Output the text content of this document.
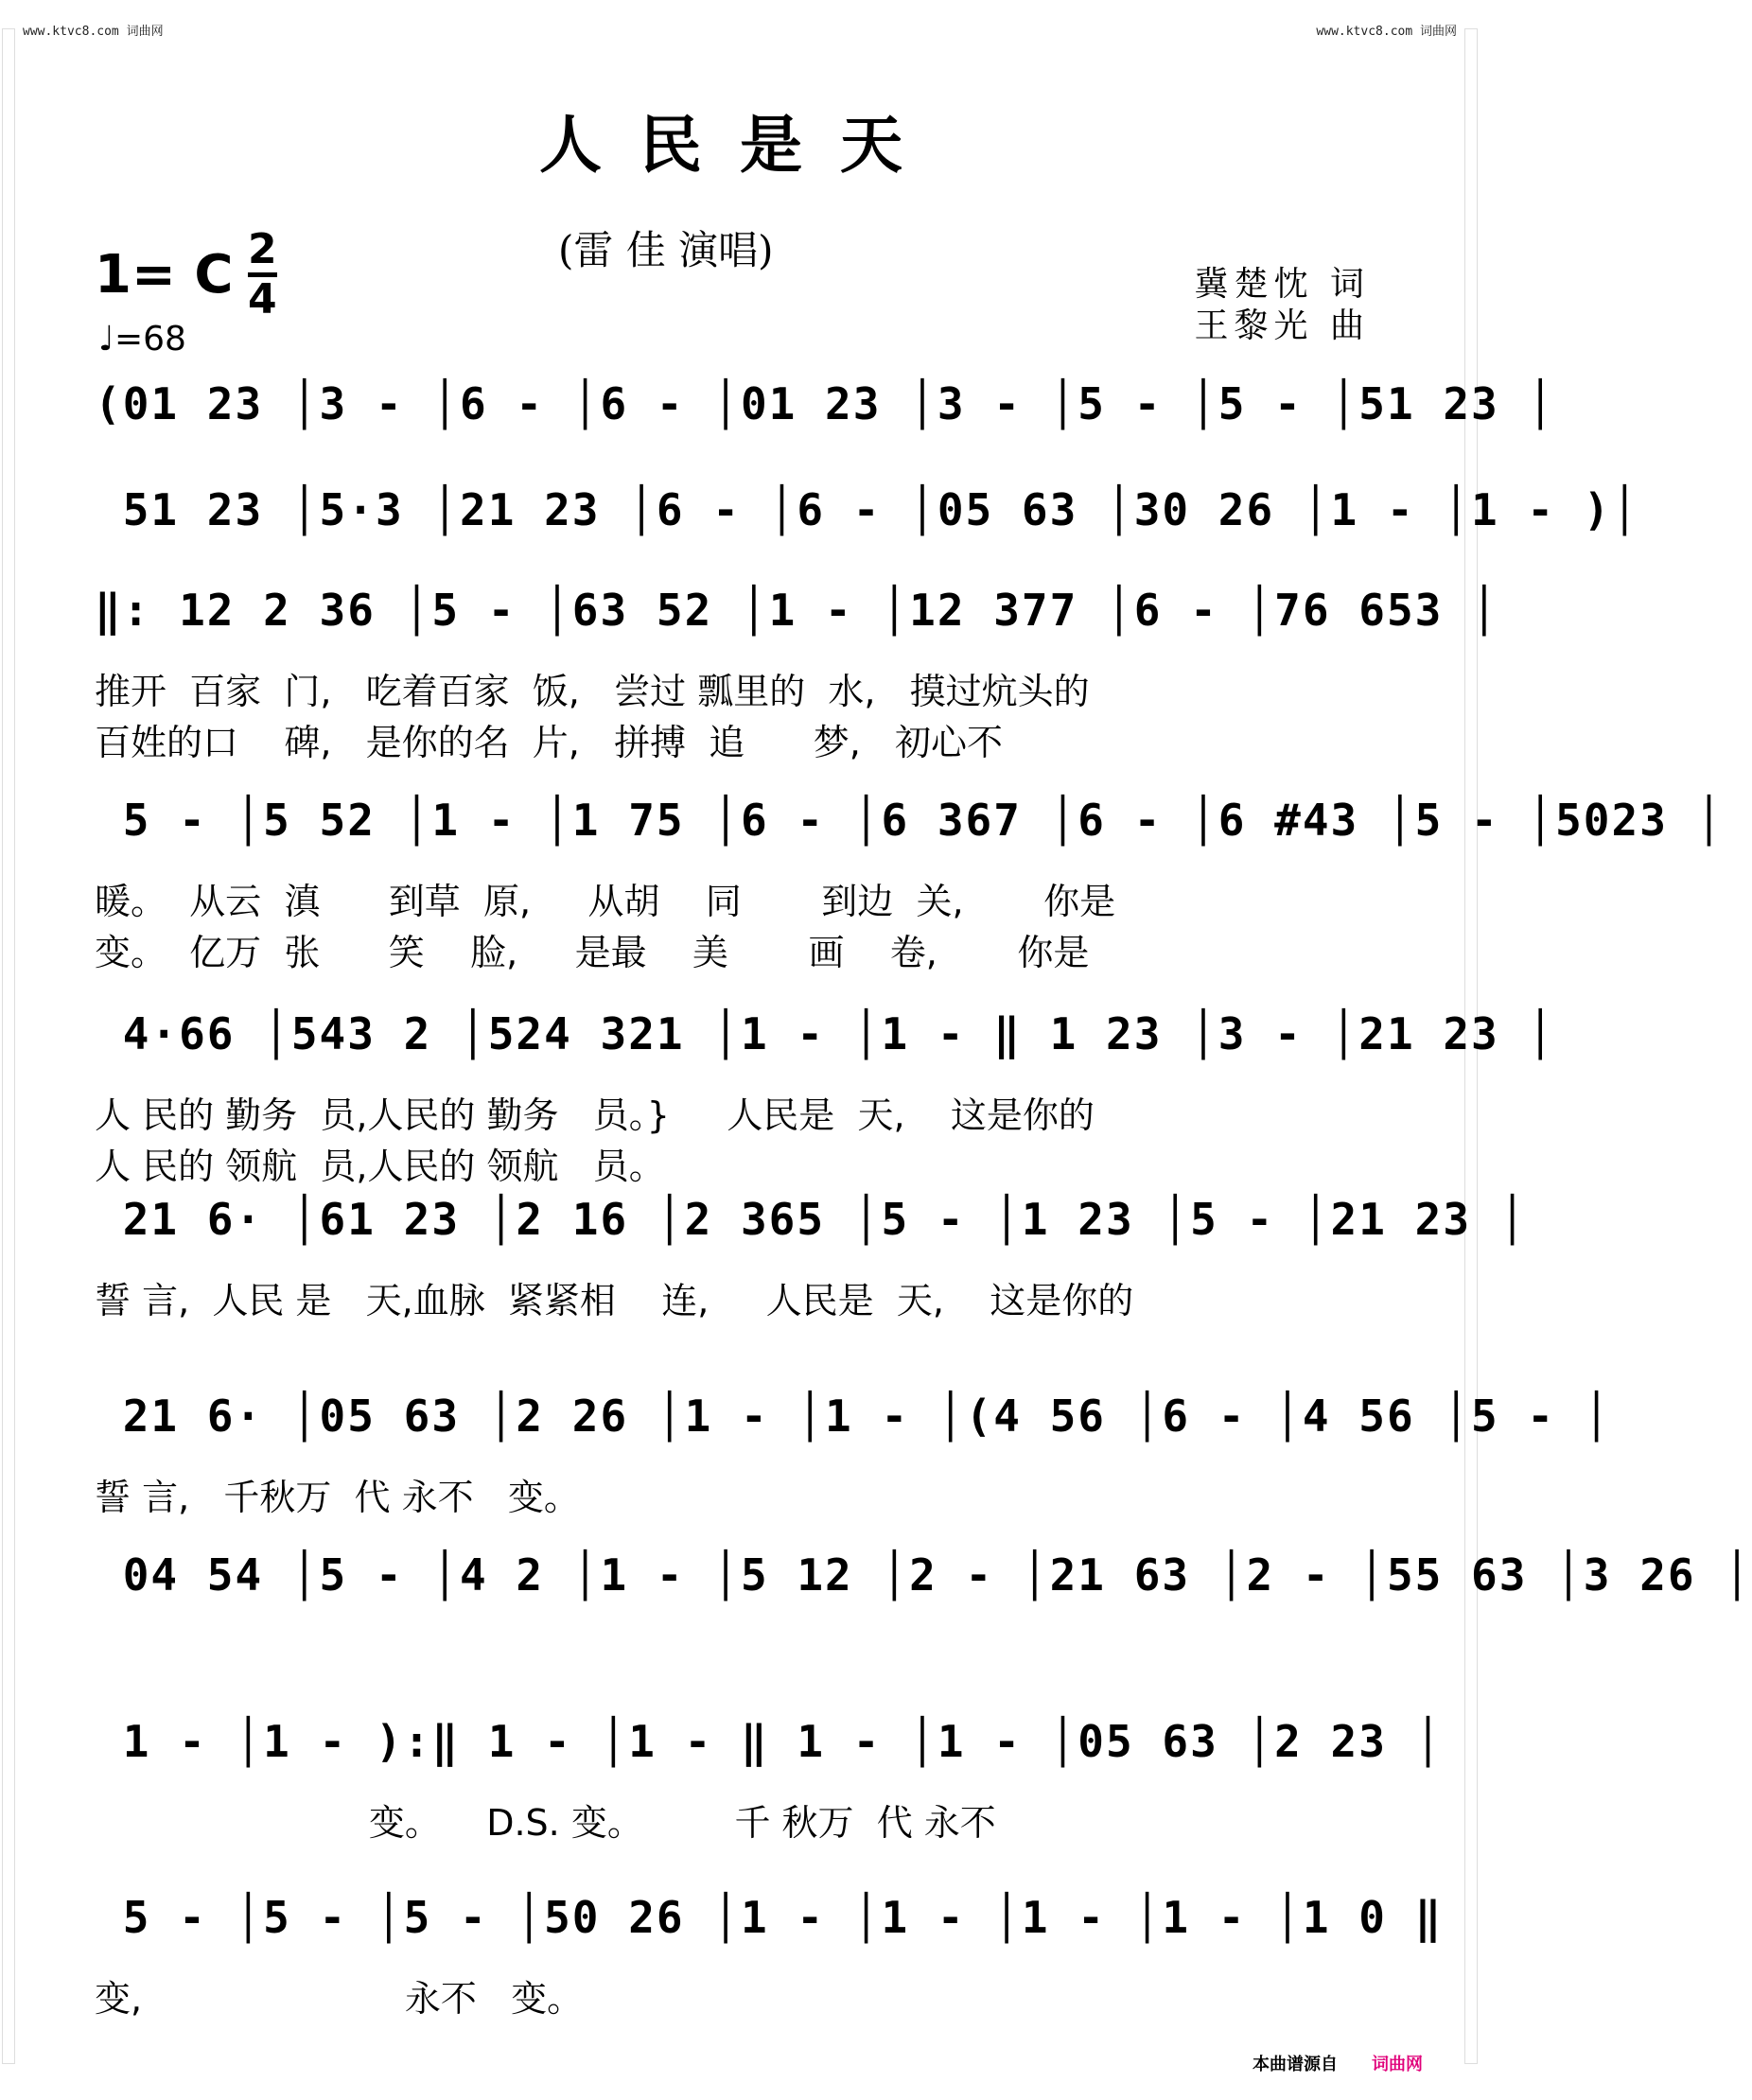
www.ktvc8.com 词曲网	www.ktvc8.com 词曲网
人民是天
(雷 佳 演唱)
1= C 2
4
♩=68
冀楚忱 词
王黎光 曲
(01 23 │3 - │6 - │6 - │01 23 │3 - │5 - │5 - │51 23 │
51 23 │5·3 │21 23 │6 - │6 - │05 63 │30 26 │1 - │1 - )│
‖: 12 2 36 │5 - │63 52 │1 - │12 377 │6 - │76 653 │
推开  百家  门,   吃着百家  饭,   尝过 瓢里的  水,   摸过炕头的
百姓的口    碑,   是你的名  片,   拼搏  追      梦,   初心不
5 - │5 52 │1 - │1 75 │6 - │6 367 │6 - │6 #43 │5 - │5023 │
暖。  从云  滇      到草  原,     从胡    同       到边  关,       你是
变。  亿万  张      笑    脸,     是最    美       画    卷,       你是
4·66 │543 2 │524 321 │1 - │1 - ‖ 1 23 │3 - │21 23 │
人 民的 勤务  员,人民的 勤务   员。}     人民是  天,    这是你的
人 民的 领航  员,人民的 领航   员。
21 6· │61 23 │2 16 │2 365 │5 - │1 23 │5 - │21 23 │
誓 言,  人民 是   天,血脉  紧紧相    连,     人民是  天,    这是你的
21 6· │05 63 │2 26 │1 - │1 - │(4 56 │6 - │4 56 │5 - │
誓 言,   千秋万  代 永不   变。
04 54 │5 - │4 2 │1 - │5 12 │2 - │21 63 │2 - │55 63 │3 26 │
1 - │1 - ):‖ 1 - │1 - ‖ 1 - │1 - │05 63 │2 23 │
变。    D.S. 变。        千 秋万  代 永不
5 - │5 - │5 - │50 26 │1 - │1 - │1 - │1 - │1 0 ‖
变,                       永不   变。
本曲谱源自 词曲网
